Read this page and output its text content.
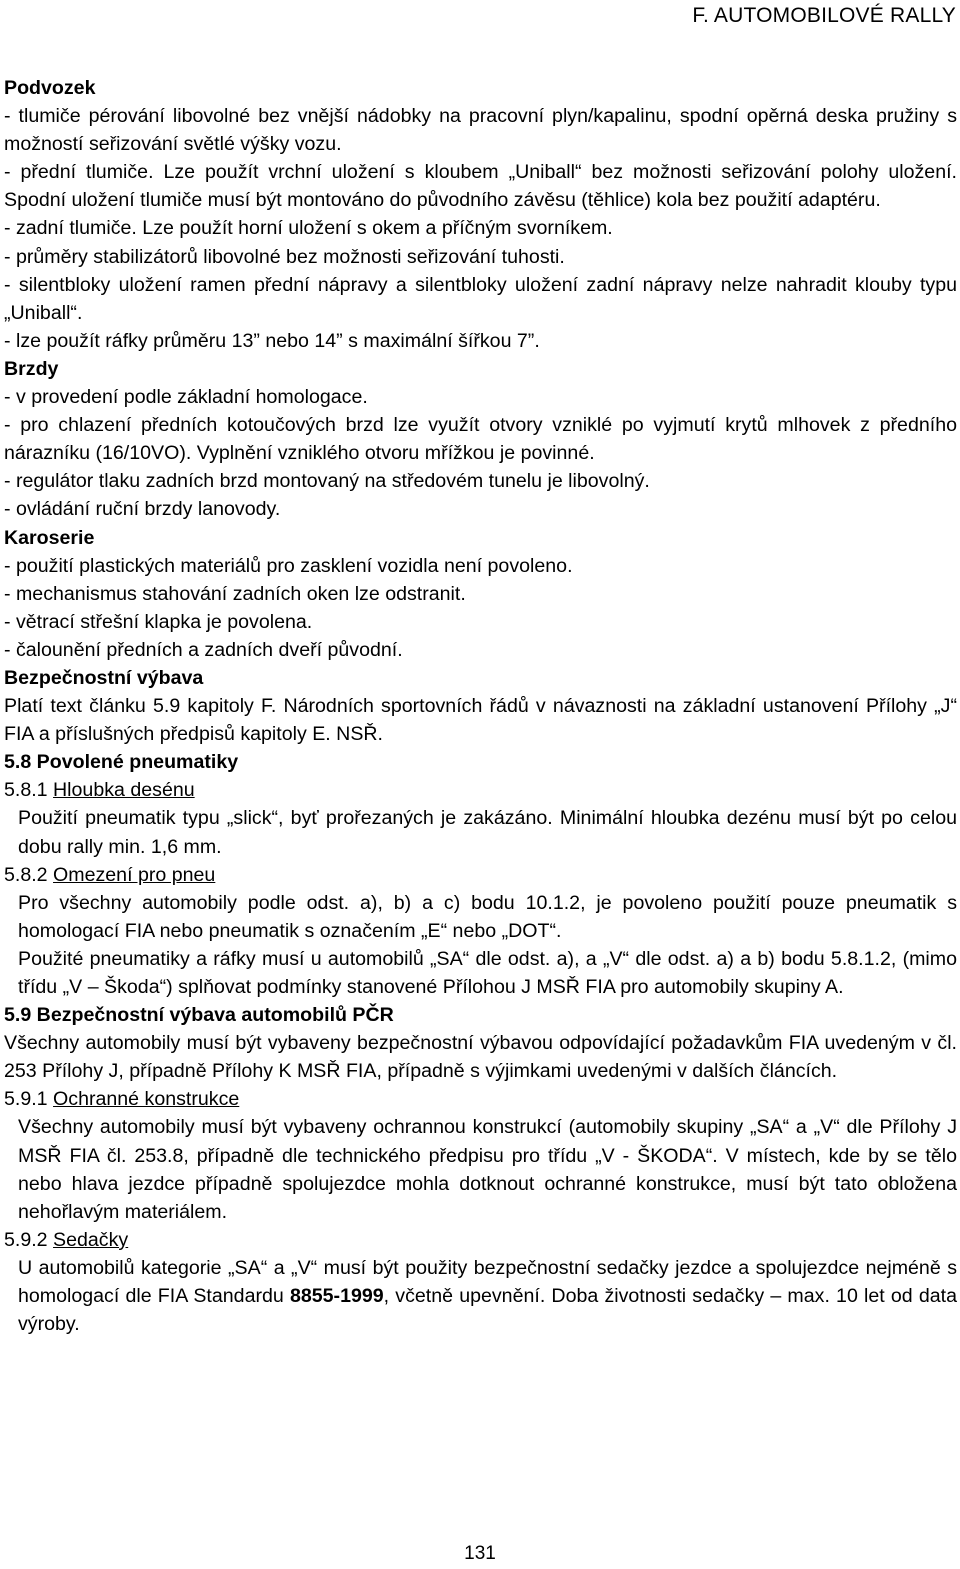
F. AUTOMOBILOVÉ RALLY

Podvozek

- tlumiče pérování libovolné bez vnější nádobky na pracovní plyn/kapalinu, spodní opěrná deska pružiny s možností seřizování světlé výšky vozu.

- přední tlumiče. Lze použít vrchní uložení s kloubem „Uniball“ bez možnosti seřizování polohy uložení. Spodní uložení tlumiče musí být montováno do původního závěsu (těhlice) kola bez použití adaptéru.

- zadní tlumiče. Lze použít horní uložení s okem a příčným svorníkem.

- průměry stabilizátorů libovolné bez možnosti seřizování tuhosti.

- silentbloky uložení ramen přední nápravy a silentbloky uložení zadní nápravy nelze nahradit klouby typu „Uniball“.

- lze použít ráfky průměru 13” nebo 14” s maximální šířkou 7”.

Brzdy

- v provedení podle základní homologace.

- pro chlazení předních kotoučových brzd lze využít otvory vzniklé po vyjmutí krytů mlhovek z předního nárazníku (16/10VO). Vyplnění vzniklého otvoru mřížkou je povinné.

- regulátor tlaku zadních brzd montovaný na středovém tunelu je libovolný.

- ovládání ruční brzdy lanovody.

Karoserie

- použití plastických materiálů pro zasklení vozidla není povoleno.

- mechanismus stahování zadních oken lze odstranit.

- větrací střešní klapka je povolena.

- čalounění předních a zadních dveří původní.

Bezpečnostní výbava

Platí text článku 5.9 kapitoly F. Národních sportovních řádů v návaznosti na základní ustanovení Přílohy „J“ FIA a příslušných předpisů kapitoly E. NSŘ.

5.8 Povolené pneumatiky

5.8.1 Hloubka desénu

Použití pneumatik typu „slick“, byť prořezaných je zakázáno. Minimální hloubka dezénu musí být po celou dobu rally min. 1,6 mm.

5.8.2 Omezení pro pneu

Pro všechny automobily podle odst. a), b) a c) bodu 10.1.2, je povoleno použití pouze pneumatik s homologací FIA nebo pneumatik s označením „E“ nebo „DOT“.

Použité pneumatiky a ráfky musí u automobilů „SA“ dle odst. a), a „V“ dle odst. a) a b) bodu 5.8.1.2, (mimo třídu „V – Škoda“) splňovat podmínky stanovené Přílohou J MSŘ FIA pro automobily skupiny A.

5.9 Bezpečnostní výbava automobilů PČR

Všechny automobily musí být vybaveny bezpečnostní výbavou odpovídající požadavkům FIA uvedeným v čl. 253 Přílohy J, případně Přílohy K MSŘ FIA, případně s výjimkami uvedenými v dalších článcích.

5.9.1 Ochranné konstrukce

Všechny automobily musí být vybaveny ochrannou konstrukcí (automobily skupiny „SA“ a „V“ dle Přílohy J MSŘ FIA čl. 253.8, případně dle technického předpisu pro třídu „V - ŠKODA“. V místech, kde by se tělo nebo hlava jezdce případně spolujezdce mohla dotknout ochranné konstrukce, musí být tato obložena nehořlavým materiálem.

5.9.2 Sedačky

U automobilů kategorie „SA“ a „V“ musí být použity bezpečnostní sedačky jezdce a spolujezdce nejméně s homologací dle FIA Standardu 8855-1999, včetně upevnění. Doba životnosti sedačky – max. 10 let od data výroby.

131
